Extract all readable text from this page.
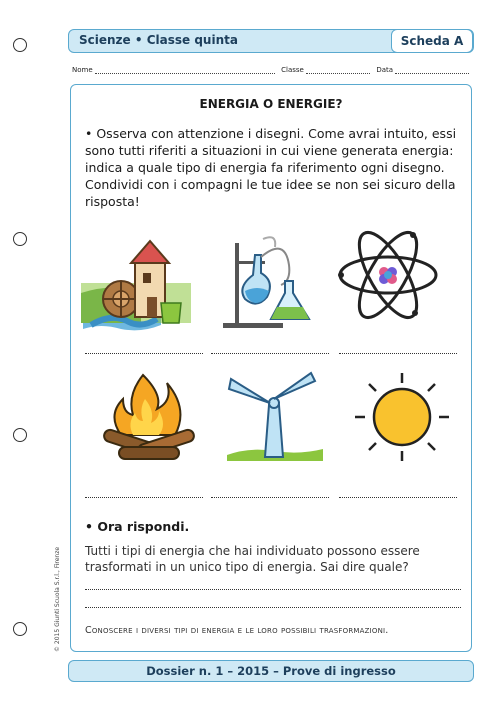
Scienze • Classe quinta	Scheda A
Nome	Classe	Data
ENERGIA O ENERGIE?
• Osserva con attenzione i disegni. Come avrai intuito, essi sono tutti riferiti a situazioni in cui viene generata energia: indica a quale tipo di energia fa riferimento ogni disegno. Condividi con i compagni le tue idee se non sei sicuro della risposta!
• Ora rispondi.
Tutti i tipi di energia che hai individuato possono essere trasformati in un unico tipo di energia. Sai dire quale?
Conoscere i diversi tipi di energia e le loro possibili trasformazioni.
© 2015 Giunti Scuola S.r.l., Firenze
Dossier n. 1 – 2015 – Prove di ingresso
